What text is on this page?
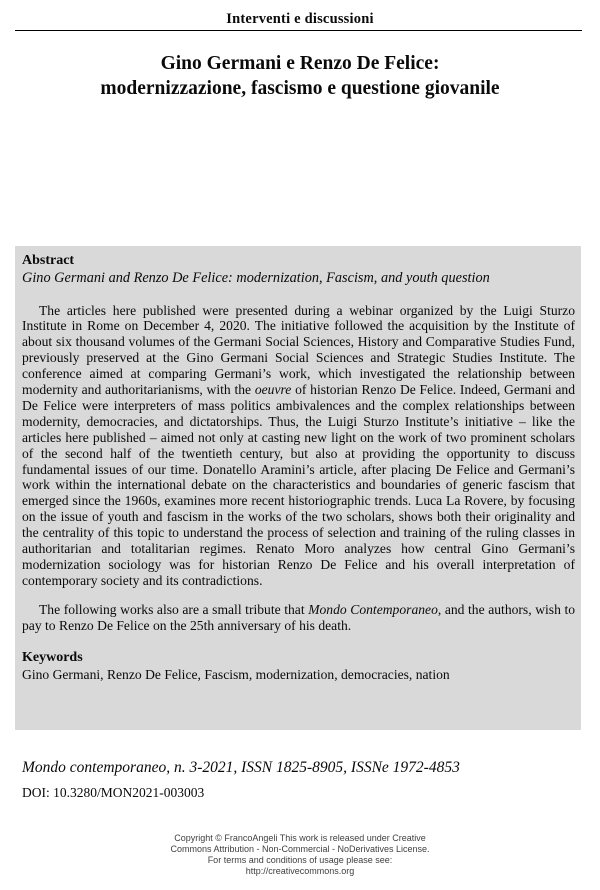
Interventi e discussioni
Gino Germani e Renzo De Felice:
modernizzazione, fascismo e questione giovanile
Abstract
Gino Germani and Renzo De Felice: modernization, Fascism, and youth question

The articles here published were presented during a webinar organized by the Luigi Sturzo Institute in Rome on December 4, 2020. The initiative followed the acquisition by the Institute of about six thousand volumes of the Germani Social Sciences, History and Comparative Studies Fund, previously preserved at the Gino Germani Social Sciences and Strategic Studies Institute. The conference aimed at comparing Germani’s work, which investigated the relationship between modernity and authoritarianisms, with the oeuvre of historian Renzo De Felice. Indeed, Germani and De Felice were interpreters of mass politics ambivalences and the complex relationships between modernity, democracies, and dictatorships. Thus, the Luigi Sturzo Institute’s initiative – like the articles here published – aimed not only at casting new light on the work of two prominent scholars of the second half of the twentieth century, but also at providing the opportunity to discuss fundamental issues of our time. Donatello Aramini’s article, after placing De Felice and Germani’s work within the international debate on the characteristics and boundaries of generic fascism that emerged since the 1960s, examines more recent historiographic trends. Luca La Rovere, by focusing on the issue of youth and fascism in the works of the two scholars, shows both their originality and the centrality of this topic to understand the process of selection and training of the ruling classes in authoritarian and totalitarian regimes. Renato Moro analyzes how central Gino Germani’s modernization sociology was for historian Renzo De Felice and his overall interpretation of contemporary society and its contradictions.

The following works also are a small tribute that Mondo Contemporaneo, and the authors, wish to pay to Renzo De Felice on the 25th anniversary of his death.

Keywords
Gino Germani, Renzo De Felice, Fascism, modernization, democracies, nation
Mondo contemporaneo, n. 3-2021, ISSN 1825-8905, ISSNe 1972-4853
DOI: 10.3280/MON2021-003003
Copyright © FrancoAngeli This work is released under Creative
Commons Attribution - Non-Commercial - NoDerivatives License.
For terms and conditions of usage please see:
http://creativecommons.org
